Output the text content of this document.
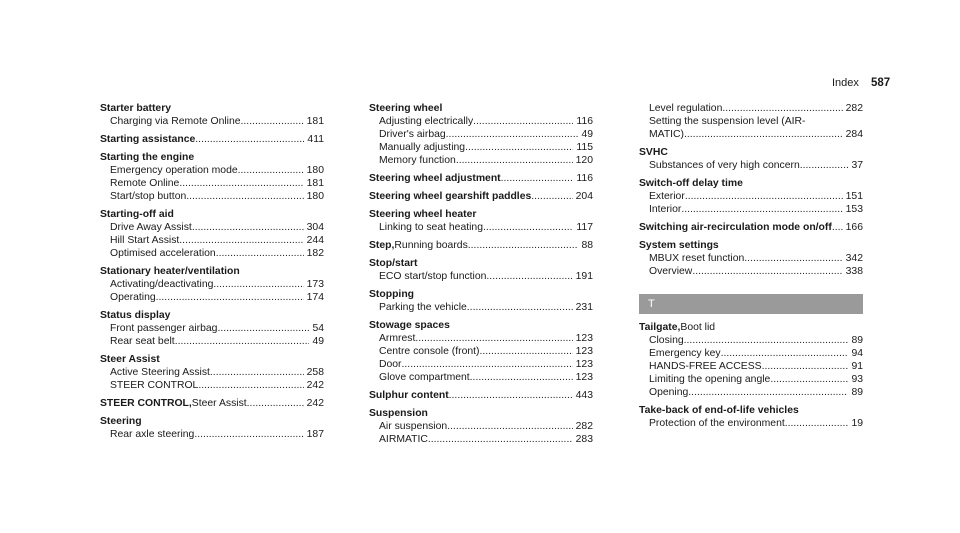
Index 587
Starter battery
Charging via Remote Online .....	181
Starting assistance .....	411
Starting the engine
Emergency operation mode .....	180
Remote Online .....	181
Start/stop button .....	180
Starting-off aid
Drive Away Assist .....	304
Hill Start Assist .....	244
Optimised acceleration .....	182
Stationary heater/ventilation
Activating/deactivating .....	173
Operating .....	174
Status display
Front passenger airbag .....	54
Rear seat belt .....	49
Steer Assist
Active Steering Assist .....	258
STEER CONTROL .....	242
STEER CONTROL, Steer Assist .....	242
Steering
Rear axle steering .....	187
Steering wheel
Adjusting electrically .....	116
Driver's airbag .....	49
Manually adjusting .....	115
Memory function .....	120
Steering wheel adjustment .....	116
Steering wheel gearshift paddles .....	204
Steering wheel heater
Linking to seat heating .....	117
Step, Running boards .....	88
Stop/start
ECO start/stop function .....	191
Stopping
Parking the vehicle .....	231
Stowage spaces
Armrest .....	123
Centre console (front) .....	123
Door .....	123
Glove compartment .....	123
Sulphur content .....	443
Suspension
Air suspension .....	282
AIRMATIC .....	283
Level regulation .....	282
Setting the suspension level (AIR-
MATIC) .....	284
SVHC
Substances of very high concern .....	37
Switch-off delay time
Exterior .....	151
Interior .....	153
Switching air-recirculation mode on/off ..... 166
System settings
MBUX reset function .....	342
Overview .....	338
T
Tailgate, Boot lid
Closing .....	89
Emergency key .....	94
HANDS-FREE ACCESS .....	91
Limiting the opening angle .....	93
Opening .....	89
Take-back of end-of-life vehicles
Protection of the environment .....	19
